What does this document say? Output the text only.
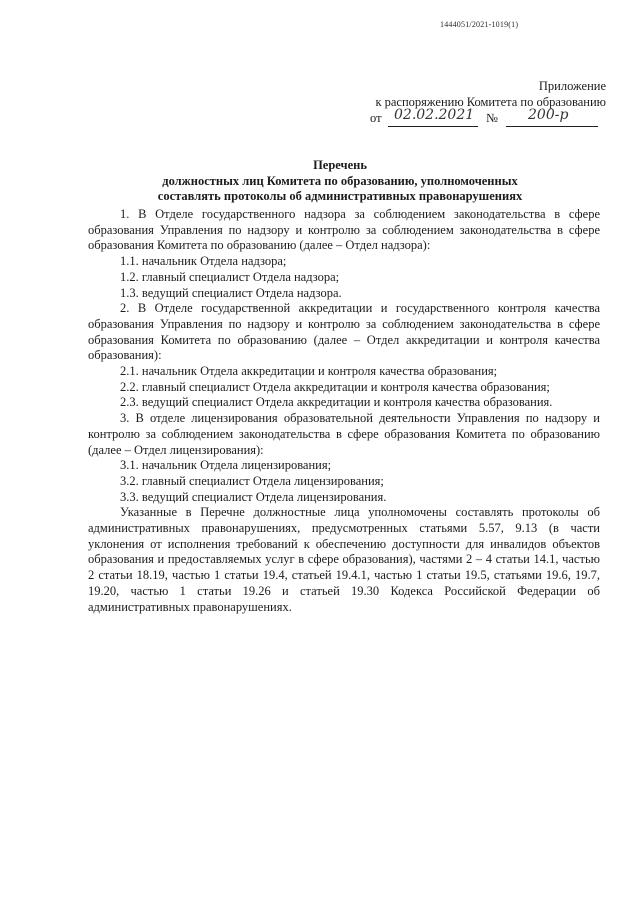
1444051/2021-1019(1)
Приложение
к распоряжению Комитета по образованию
от 02.02.2021 № 200-р
Перечень
должностных лиц Комитета по образованию, уполномоченных
составлять протоколы об административных правонарушениях

1. В Отделе государственного надзора за соблюдением законодательства в сфере образования Управления по надзору и контролю за соблюдением законодательства в сфере образования Комитета по образованию (далее – Отдел надзора):

1.1. начальник Отдела надзора;
1.2. главный специалист Отдела надзора;
1.3. ведущий специалист Отдела надзора.

2. В Отделе государственной аккредитации и государственного контроля качества образования Управления по надзору и контролю за соблюдением законодательства в сфере образования Комитета по образованию (далее – Отдел аккредитации и контроля качества образования):

2.1. начальник Отдела аккредитации и контроля качества образования;
2.2. главный специалист Отдела аккредитации и контроля качества образования;
2.3. ведущий специалист Отдела аккредитации и контроля качества образования.

3. В отделе лицензирования образовательной деятельности Управления по надзору и контролю за соблюдением законодательства в сфере образования Комитета по образованию (далее – Отдел лицензирования):

3.1. начальник Отдела лицензирования;
3.2. главный специалист Отдела лицензирования;
3.3. ведущий специалист Отдела лицензирования.

Указанные в Перечне должностные лица уполномочены составлять протоколы об административных правонарушениях, предусмотренных статьями 5.57, 9.13 (в части уклонения от исполнения требований к обеспечению доступности для инвалидов объектов образования и предоставляемых услуг в сфере образования), частями 2 – 4 статьи 14.1, частью 2 статьи 18.19, частью 1 статьи 19.4, статьей 19.4.1, частью 1 статьи 19.5, статьями 19.6, 19.7, 19.20, частью 1 статьи 19.26 и статьей 19.30 Кодекса Российской Федерации об административных правонарушениях.
